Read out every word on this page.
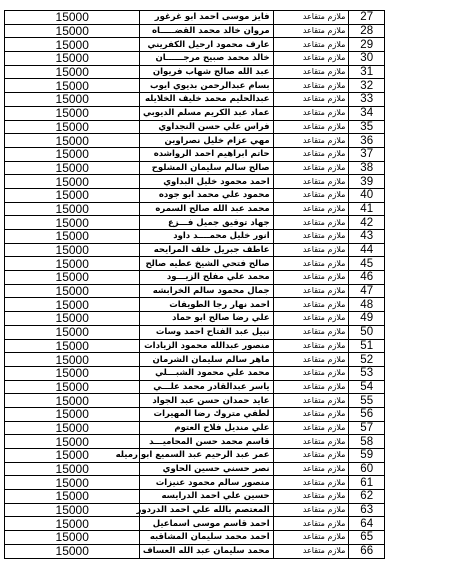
15000	فايز موسى احمد ابو غرغور	ملازم متقاعد	27
15000	مروان خالد محمد القضـــــاه	ملازم متقاعد	28
15000	عارف محمود ارحيل الكفريني	ملازم متقاعد	29
15000	خالد محمد صبيح مرجــــــان	ملازم متقاعد	30
15000	عبد الله صالح شهاب فريوان	ملازم متقاعد	31
15000	بسام عبدالرحمن بديوي ايوب	ملازم متقاعد	32
15000	عبدالحليم محمد خليف الخلايله	ملازم متقاعد	33
15000	عماد عبد الكريم مسلم الديوبي	ملازم متقاعد	34
15000	فراس علي حسن النجداوي	ملازم متقاعد	35
15000	مهي عزام خليل نصراوين	ملازم متقاعد	36
15000	حاتم ابراهيم احمد الرواشده	ملازم متقاعد	37
15000	صالح سالم سليمان المشلوح	ملازم متقاعد	38
15000	احمد محمود خليل البداوي	ملازم متقاعد	39
15000	محمود علي محمد ابو جوده	ملازم متقاعد	40
15000	محمد عبد الله صالح السمره	ملازم متقاعد	41
15000	جهاد توفيق جميل فـــزع	ملازم متقاعد	42
15000	انور خليل محمــــد داود	ملازم متقاعد	43
15000	عاطف جبريل خلف المرايحه	ملازم متقاعد	44
15000	صالح فتحي الشيخ عطيه صالح	ملازم متقاعد	45
15000	محمد علي مفلح الزيـــود	ملازم متقاعد	46
15000	جمال محمود سالم الخرابشه	ملازم متقاعد	47
15000	احمد نهار رجا الطويفات	ملازم متقاعد	48
15000	علي رضا صالح ابو حماد	ملازم متقاعد	49
15000	نبيل عبد الفتاح احمد وسات	ملازم متقاعد	50
15000	منصور عبدالله محمود الزيادات	ملازم متقاعد	51
15000	ماهر سالم سليمان الشرمان	ملازم متقاعد	52
15000	محمد علي محمود الشبـــلي	ملازم متقاعد	53
15000	ياسر عبدالقادر محمد علـــي	ملازم متقاعد	54
15000	عايد حمدان حسن عبد الجواد	ملازم متقاعد	55
15000	لطفي متروك رضا المهيرات	ملازم متقاعد	56
15000	علي منديل فلاح العتوم	ملازم متقاعد	57
15000	قاسم محمد حسن المحاميـــد	ملازم متقاعد	58
15000	عمر عبد الرحيم عبد السميع ابو رميله	ملازم متقاعد	59
15000	نصر حسني حسين الحاوي	ملازم متقاعد	60
15000	منصور سالم محمود عنيزات	ملازم متقاعد	61
15000	حسين علي احمد الدرايسه	ملازم متقاعد	62
15000	المعتصم بالله علي احمد الدردور	ملازم متقاعد	63
15000	احمد قاسم موسى اسماعيل	ملازم متقاعد	64
15000	احمد محمد سليمان المشاقبه	ملازم متقاعد	65
15000	محمد سليمان عبد الله العساف	ملازم متقاعد	66
